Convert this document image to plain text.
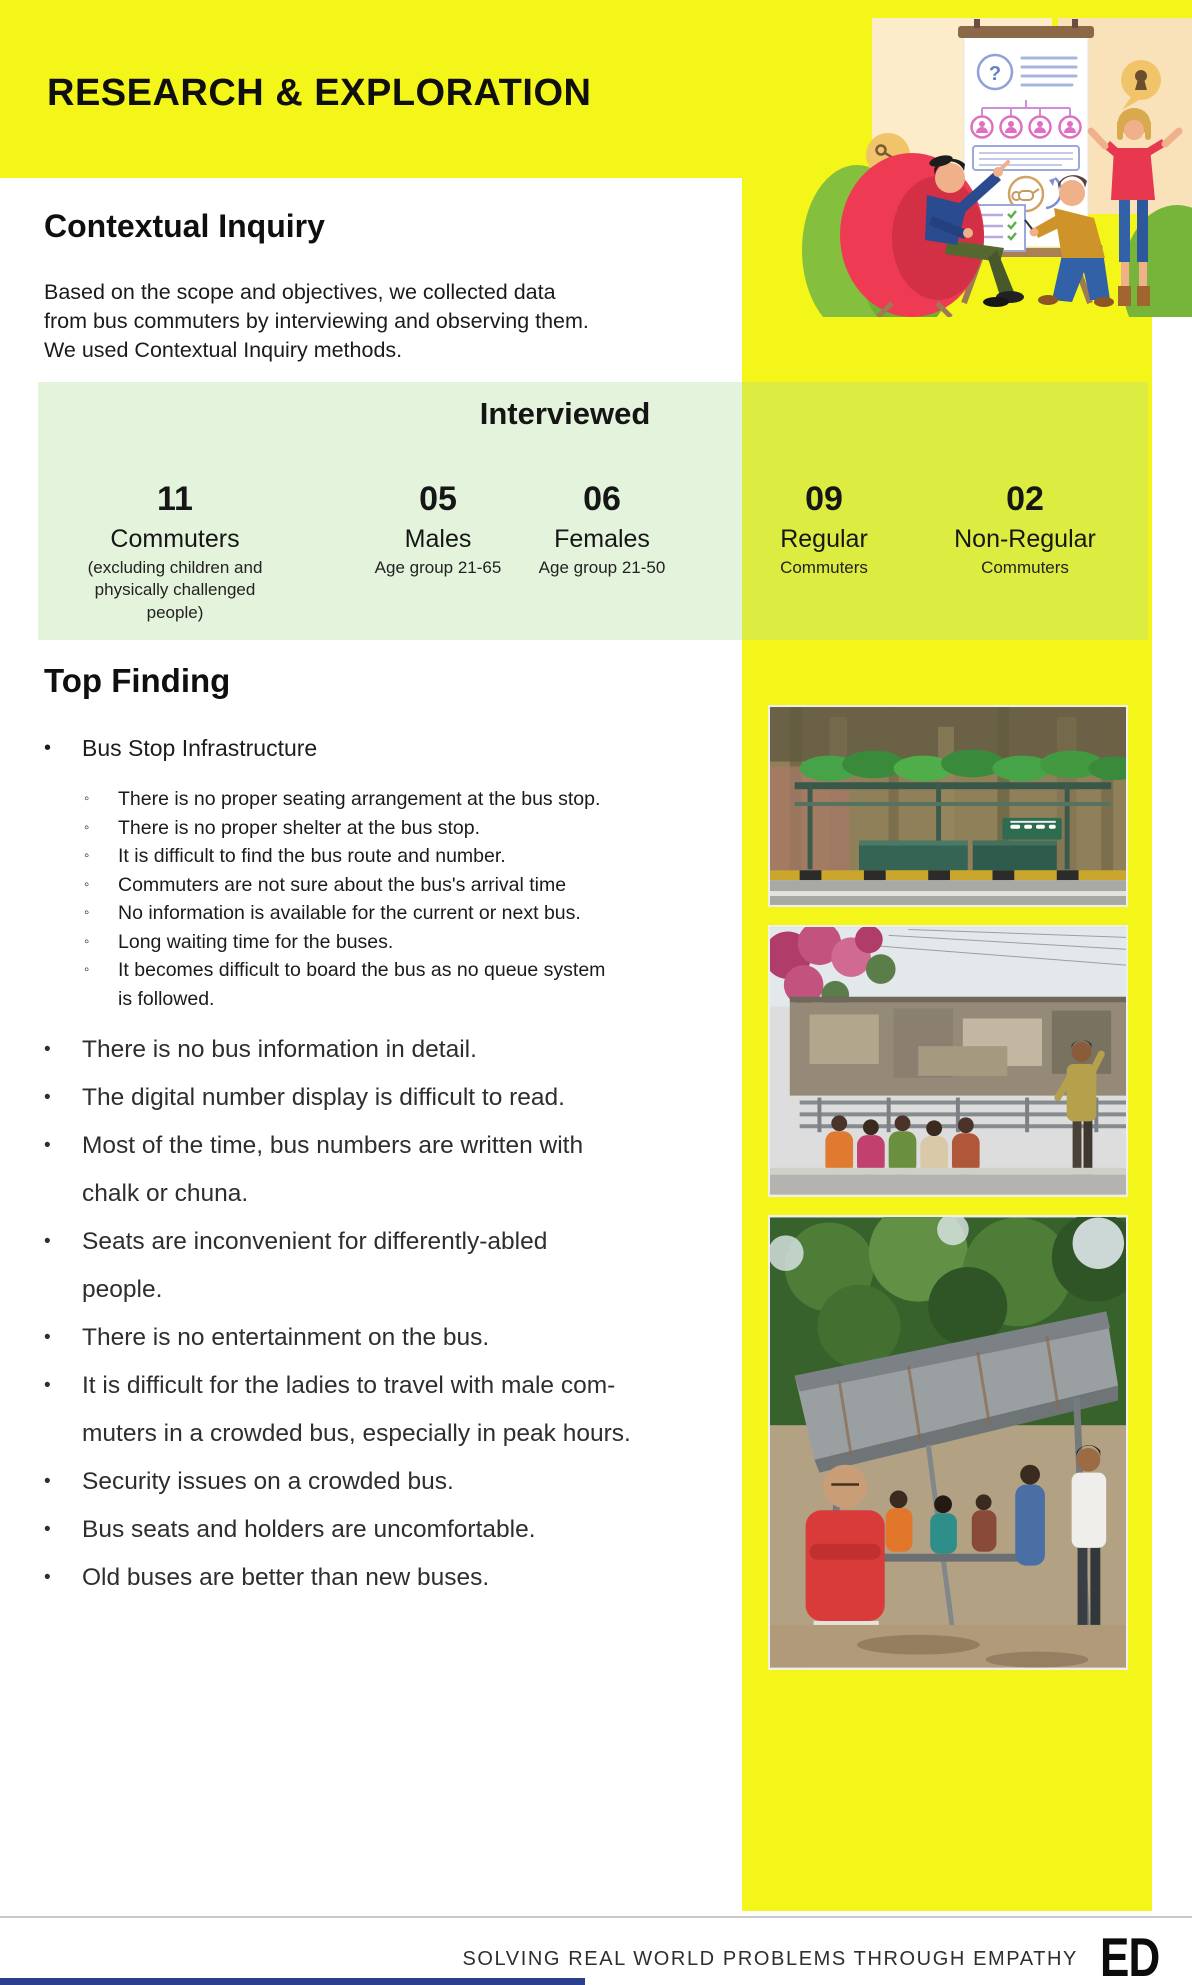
RESEARCH & EXPLORATION	?
Contextual Inquiry
Based on the scope and objectives, we collected data from bus commuters by interviewing and observing them. We used Contextual Inquiry methods.
Interviewed
11
Commuters
(excluding children and physically challenged people)
05
Males
Age group 21-65
06
Females
Age group 21-50
09
Regular
Commuters
02
Non-Regular
Commuters
Top Finding
•	Bus Stop Infrastructure
◦	There is no proper seating arrangement at the bus stop.
◦	There is no proper shelter at the bus stop.
◦	It is difficult to find the bus route and number.
◦	Commuters are not sure about the bus's arrival time
◦	No information is available for the current or next bus.
◦	Long waiting time for the buses.
◦	It becomes difficult to board the bus as no queue system
is followed.
•	There is no bus information in detail.
•	The digital number display is difficult to read.
•	Most of the time, bus numbers are written with
chalk or chuna.
•	Seats are inconvenient for differently-abled
people.
•	There is no entertainment on the bus.
•	It is difficult for the ladies to travel with male com-
muters in a crowded bus, especially in peak hours.
•	Security issues on a crowded bus.
•	Bus seats and holders are uncomfortable.
•	Old buses are better than new buses.
SOLVING REAL WORLD PROBLEMS THROUGH EMPATHY ED
